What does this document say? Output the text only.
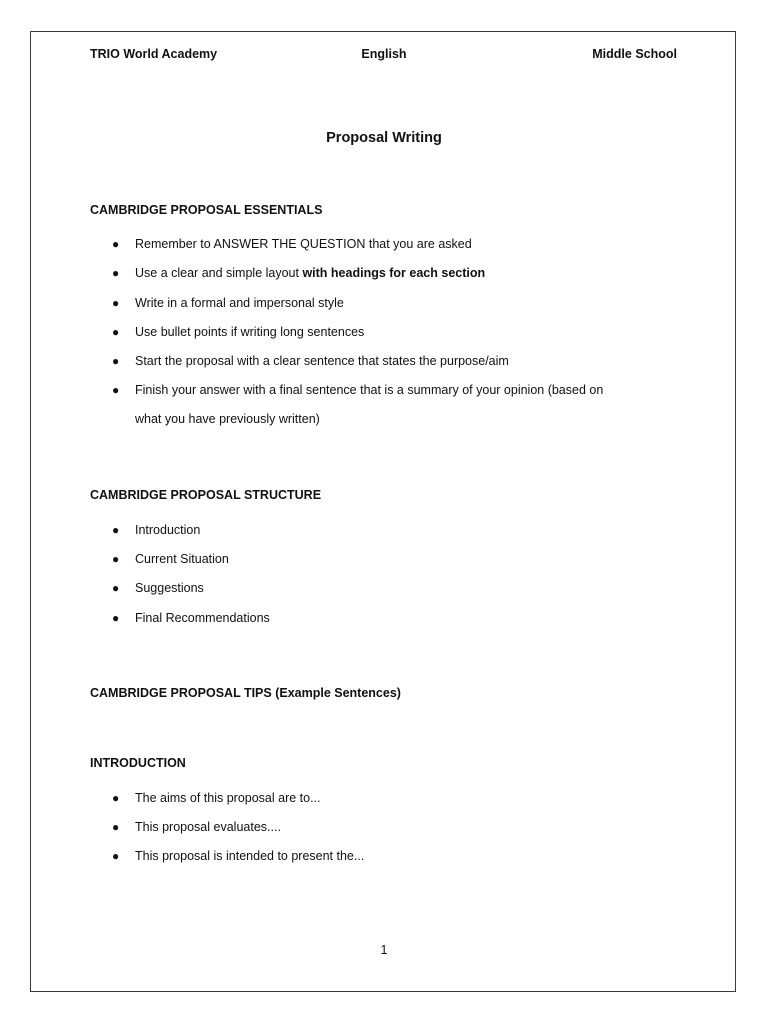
TRIO World Academy	English	Middle School
Proposal Writing
CAMBRIDGE PROPOSAL ESSENTIALS
● Remember to ANSWER THE QUESTION that you are asked
● Use a clear and simple layout with headings for each section
● Write in a formal and impersonal style
● Use bullet points if writing long sentences
● Start the proposal with a clear sentence that states the purpose/aim
● Finish your answer with a final sentence that is a summary of your opinion (based on
what you have previously written)
CAMBRIDGE PROPOSAL STRUCTURE
● Introduction
● Current Situation
● Suggestions
● Final Recommendations
CAMBRIDGE PROPOSAL TIPS (Example Sentences)
INTRODUCTION
● The aims of this proposal are to...
● This proposal evaluates....
● This proposal is intended to present the...
1
